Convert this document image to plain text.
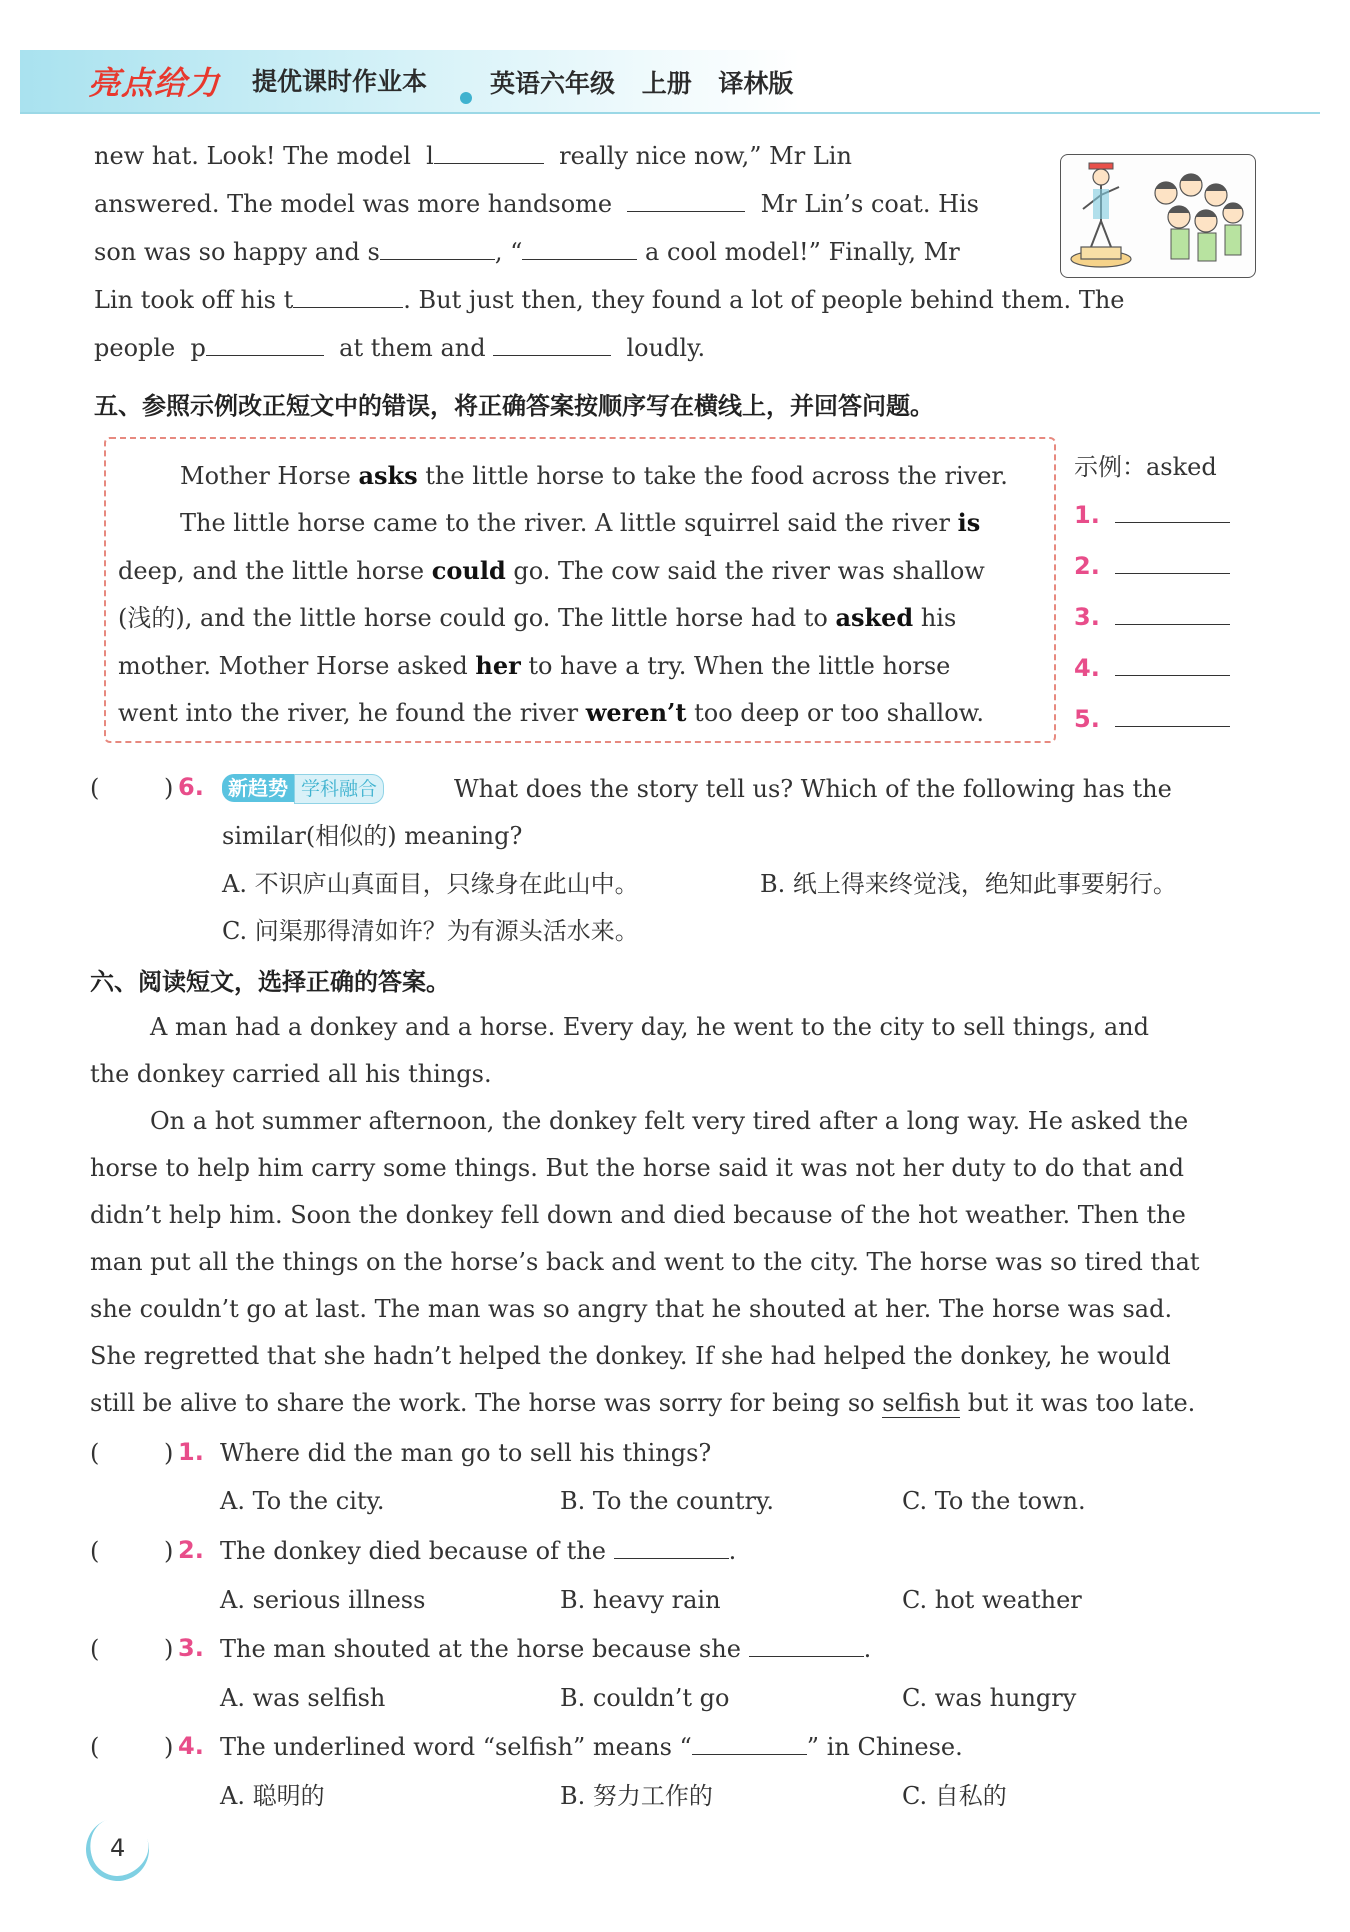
亮点给力 提优课时作业本	英语六年级 上册 译林版
new hat. Look! The model l	really nice now,” Mr Lin
answered. The model was more handsome	Mr Lin’s coat. His
son was so happy and s	, “	a cool model!” Finally, Mr
Lin took off his t	. But just then, they found a lot of people behind them. The
people p	at them and	loudly.
五、参照示例改正短文中的错误，将正确答案按顺序写在横线上，并回答问题。
Mother Horse asks the little horse to take the food across the river.
The little horse came to the river. A little squirrel said the river is
deep, and the little horse could go. The cow said the river was shallow
(浅的), and the little horse could go. The little horse had to asked his
mother. Mother Horse asked her to have a try. When the little horse
went into the river, he found the river weren’t too deep or too shallow.
示例：asked
1.
2.
3.
4.
5.
(	) 6.	新趋势 学科融合	What does the story tell us? Which of the following has the
similar(相似的) meaning?
A. 不识庐山真面目，只缘身在此山中。	B. 纸上得来终觉浅，绝知此事要躬行。
C. 问渠那得清如许？为有源头活水来。
六、阅读短文，选择正确的答案。
A man had a donkey and a horse. Every day, he went to the city to sell things, and
the donkey carried all his things.
On a hot summer afternoon, the donkey felt very tired after a long way. He asked the
horse to help him carry some things. But the horse said it was not her duty to do that and
didn’t help him. Soon the donkey fell down and died because of the hot weather. Then the
man put all the things on the horse’s back and went to the city. The horse was so tired that
she couldn’t go at last. The man was so angry that he shouted at her. The horse was sad.
She regretted that she hadn’t helped the donkey. If she had helped the donkey, he would
still be alive to share the work. The horse was sorry for being so selfish but it was too late.
(	) 1. Where did the man go to sell his things?
A. To the city.	B. To the country.	C. To the town.
(	) 2. The donkey died because of the	.
A. serious illness	B. heavy rain	C. hot weather
(	) 3. The man shouted at the horse because she	.
A. was selfish	B. couldn’t go	C. was hungry
(	) 4. The underlined word “selfish” means “	” in Chinese.
A. 聪明的	B. 努力工作的	C. 自私的
4
